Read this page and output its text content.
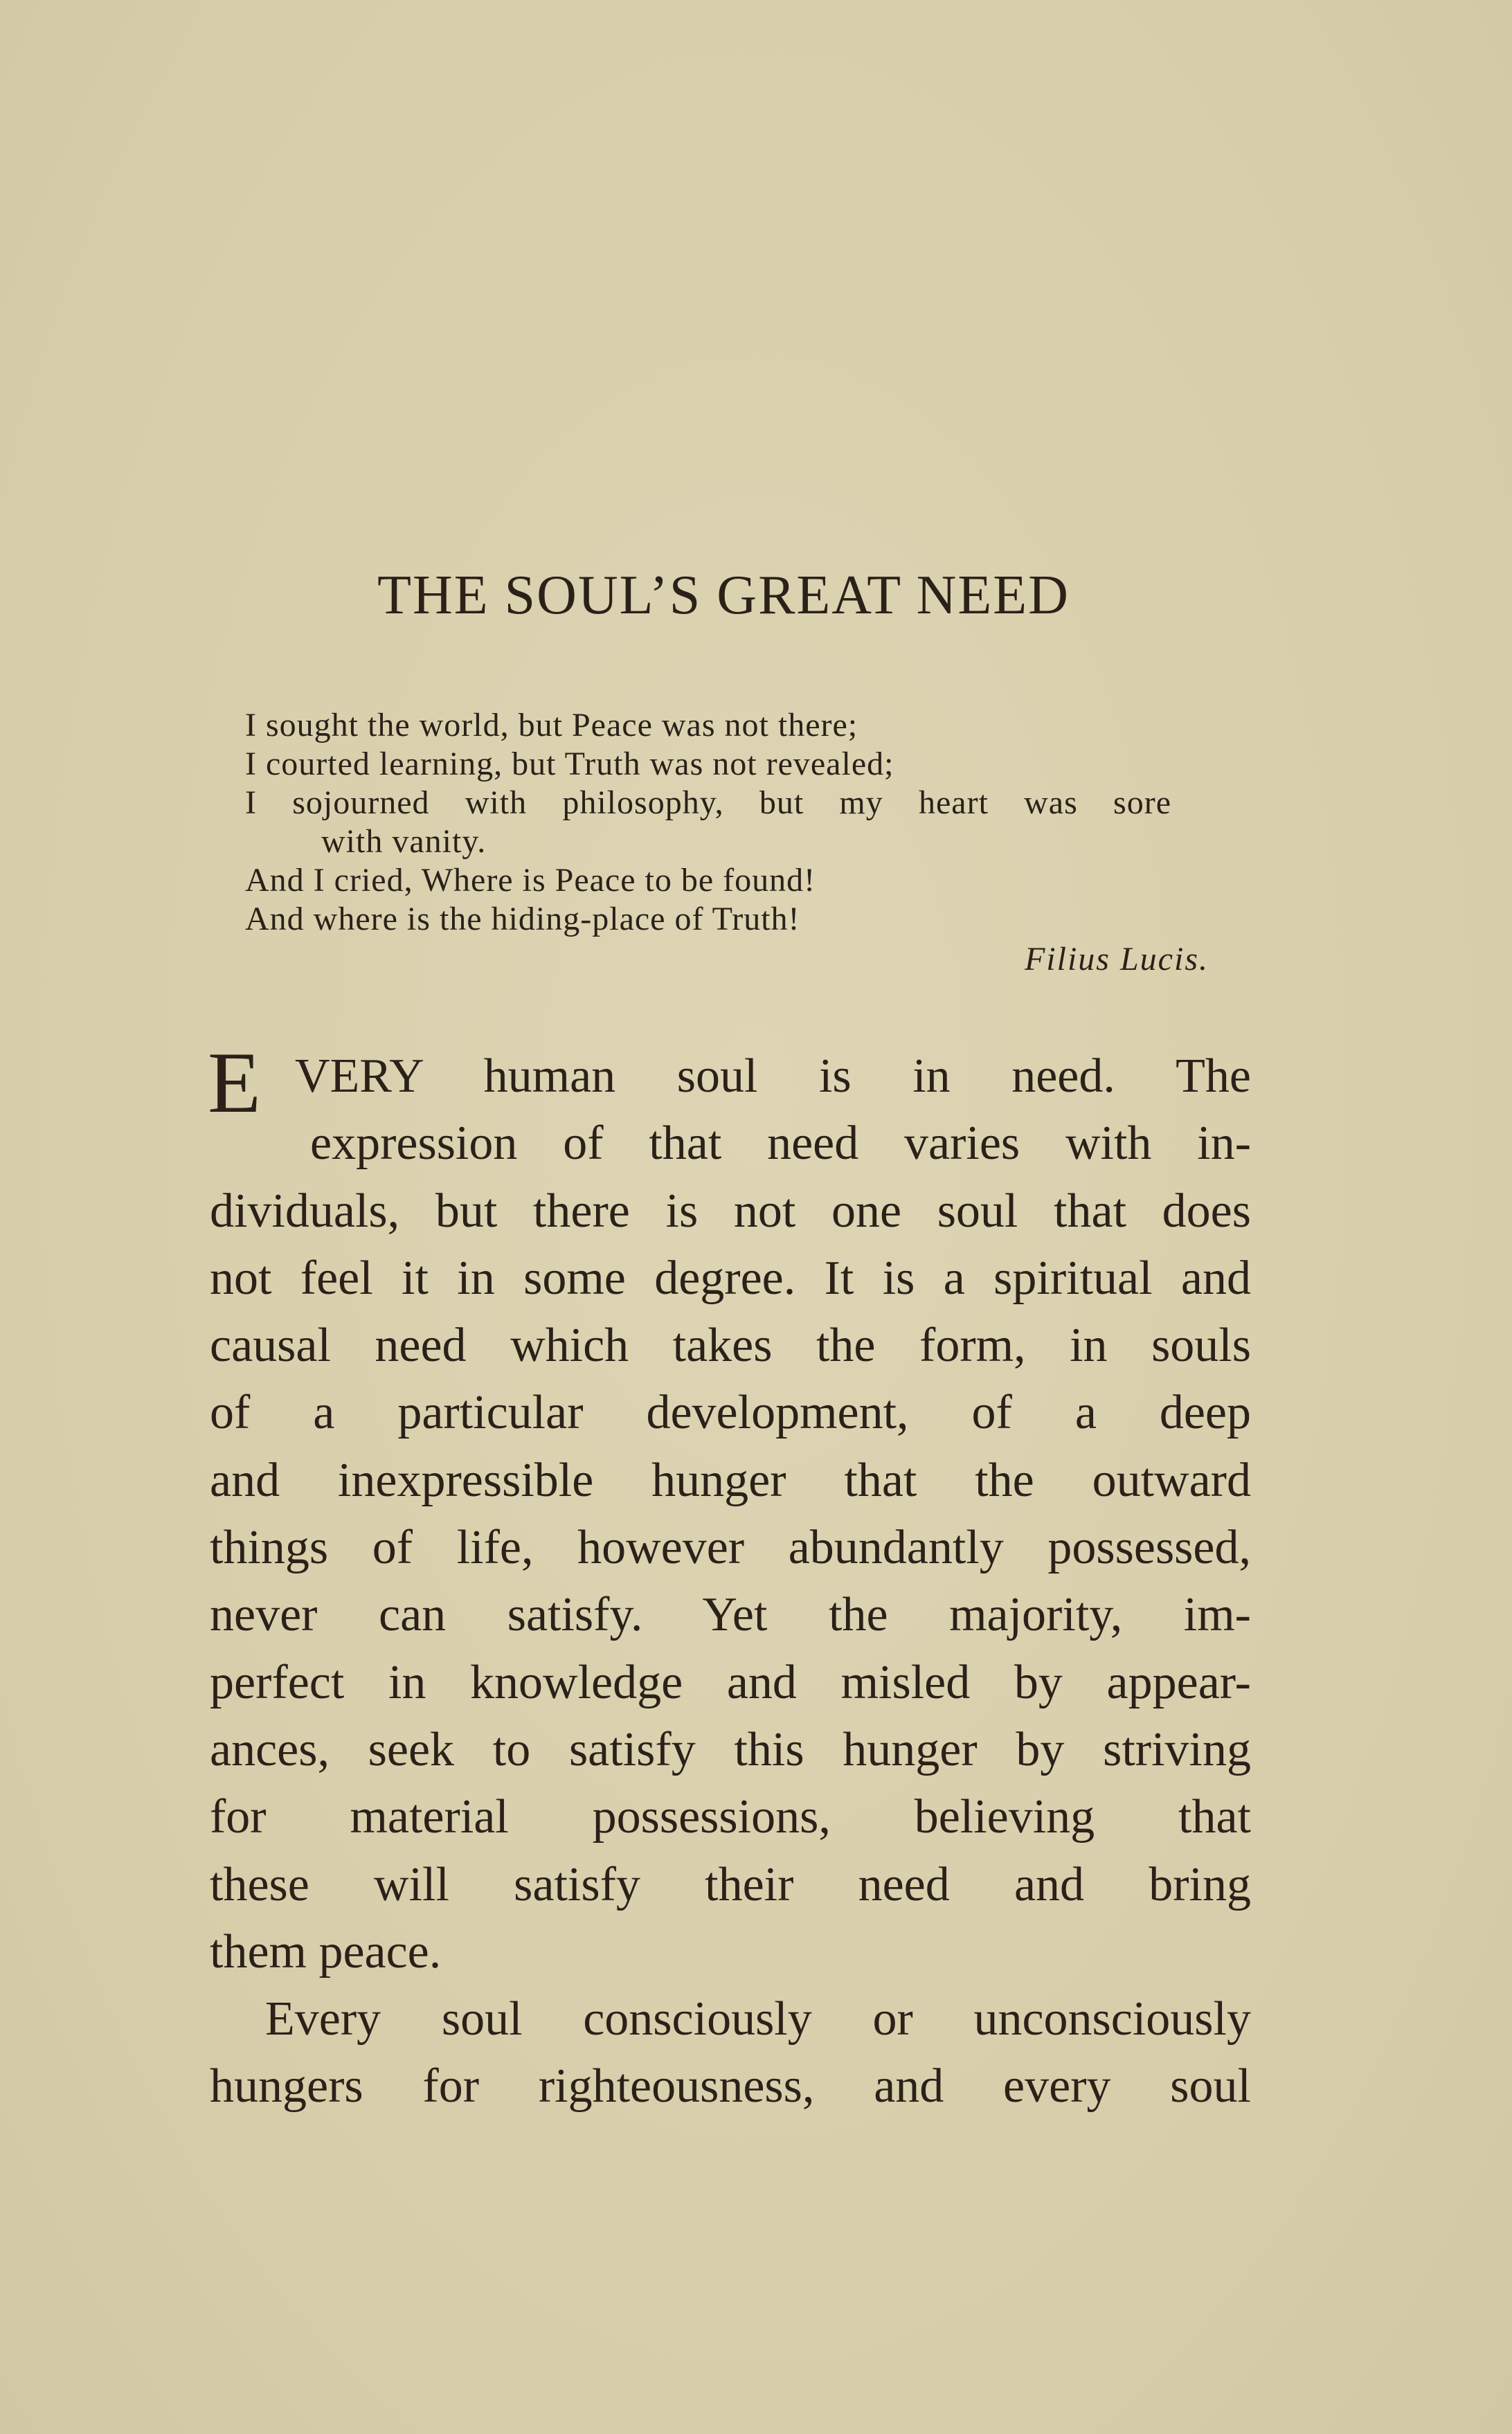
THE SOUL’S GREAT NEED
I sought the world, but Peace was not there;
I courted learning, but Truth was not revealed;
I sojourned with philosophy, but my heart was sore
with vanity.
And I cried, Where is Peace to be found!
And where is the hiding-place of Truth!
Filius Lucis.
E VERY human soul is in need. The
expression of that need varies with in-
dividuals, but there is not one soul that does
not feel it in some degree. It is a spiritual and
causal need which takes the form, in souls
of a particular development, of a deep
and inexpressible hunger that the outward
things of life, however abundantly possessed,
never can satisfy. Yet the majority, im-
perfect in knowledge and misled by appear-
ances, seek to satisfy this hunger by striving
for material possessions, believing that
these will satisfy their need and bring
them peace.
Every soul consciously or unconsciously
hungers for righteousness, and every soul
